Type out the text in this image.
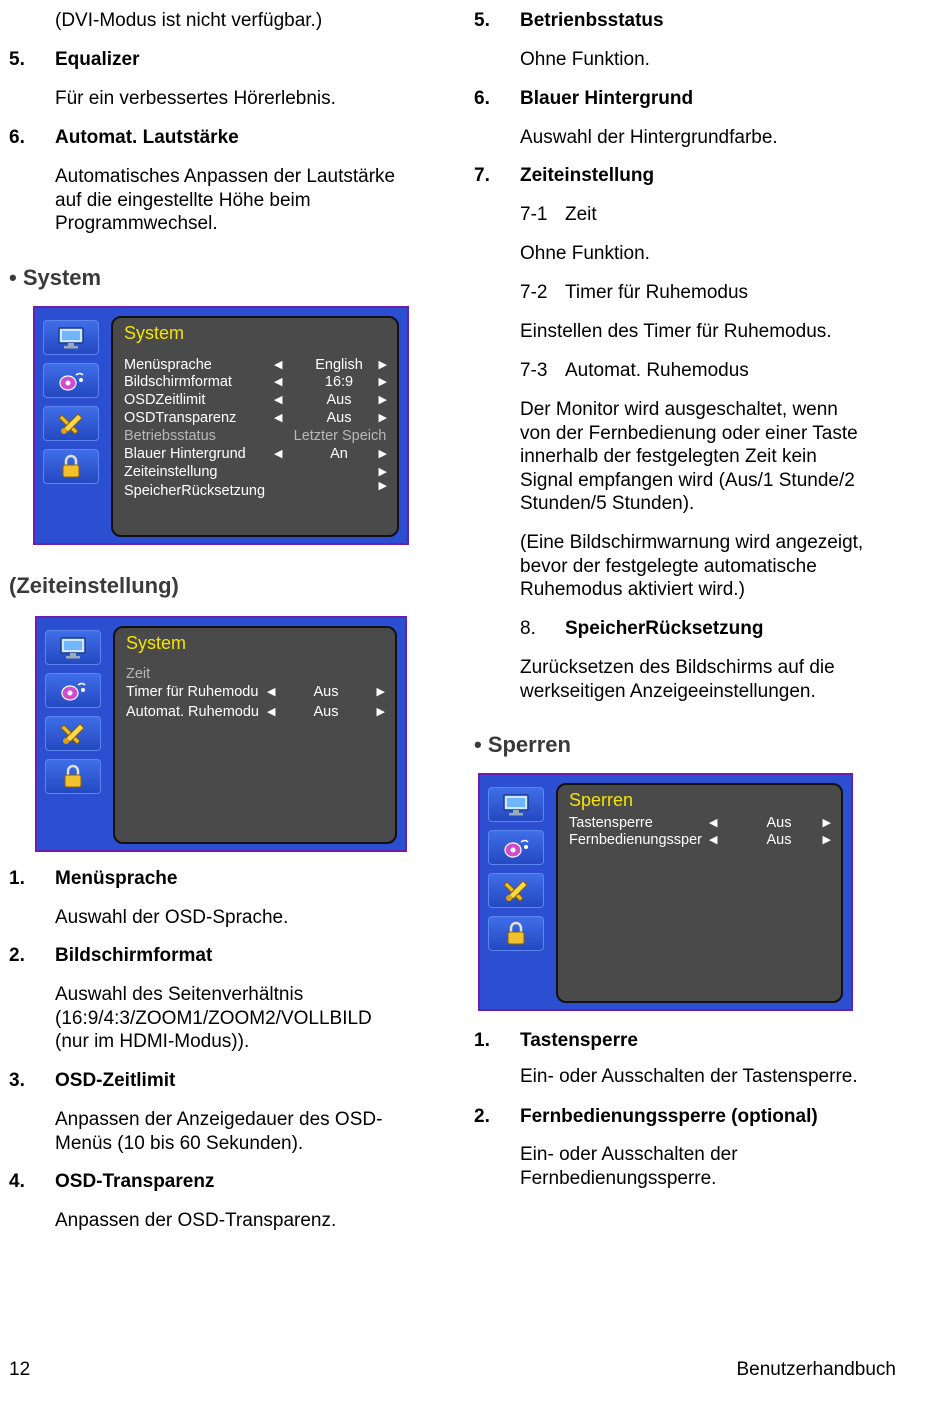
(DVI-Modus ist nicht verfügbar.)
5. Equalizer
Für ein verbessertes Hörerlebnis.
6. Automat. Lautstärke
Automatisches Anpassen der Lautstärke
auf die eingestellte Höhe beim
Programmwechsel.
• System
System
Menüsprache	◀	English	▶
Bildschirmformat	◀	16:9	▶
OSDZeitlimit	◀	Aus	▶
OSDTransparenz	◀	Aus	▶
Betriebsstatus	Letzter Speich
Blauer Hintergrund	◀	An	▶
Zeiteinstellung	▶
SpeicherRücksetzung	▶
(Zeiteinstellung)
System
Zeit
Timer für Ruhemodu ◀	Aus	▶
Automat. Ruhemodu ◀	Aus	▶
1. Menüsprache
Auswahl der OSD-Sprache.
2. Bildschirmformat
Auswahl des Seitenverhältnis
(16:9/4:3/ZOOM1/ZOOM2/VOLLBILD
(nur im HDMI-Modus)).
3. OSD-Zeitlimit
Anpassen der Anzeigedauer des OSD-
Menüs (10 bis 60 Sekunden).
4. OSD-Transparenz
Anpassen der OSD-Transparenz.
5. Betrienbsstatus
Ohne Funktion.
6. Blauer Hintergrund
Auswahl der Hintergrundfarbe.
7. Zeiteinstellung
7-1 Zeit
Ohne Funktion.
7-2 Timer für Ruhemodus
Einstellen des Timer für Ruhemodus.
7-3 Automat. Ruhemodus
Der Monitor wird ausgeschaltet, wenn
von der Fernbedienung oder einer Taste
innerhalb der festgelegten Zeit kein
Signal empfangen wird (Aus/1 Stunde/2
Stunden/5 Stunden).
(Eine Bildschirmwarnung wird angezeigt,
bevor der festgelegte automatische
Ruhemodus aktiviert wird.)
8. SpeicherRücksetzung
Zurücksetzen des Bildschirms auf die
werkseitigen Anzeigeeinstellungen.
• Sperren
Sperren
Tastensperre	◀	Aus	▶
Fernbedienungssper ◀	Aus	▶
1. Tastensperre
Ein- oder Ausschalten der Tastensperre.
2. Fernbedienungssperre (optional)
Ein- oder Ausschalten der
Fernbedienungssperre.
12	Benutzerhandbuch
